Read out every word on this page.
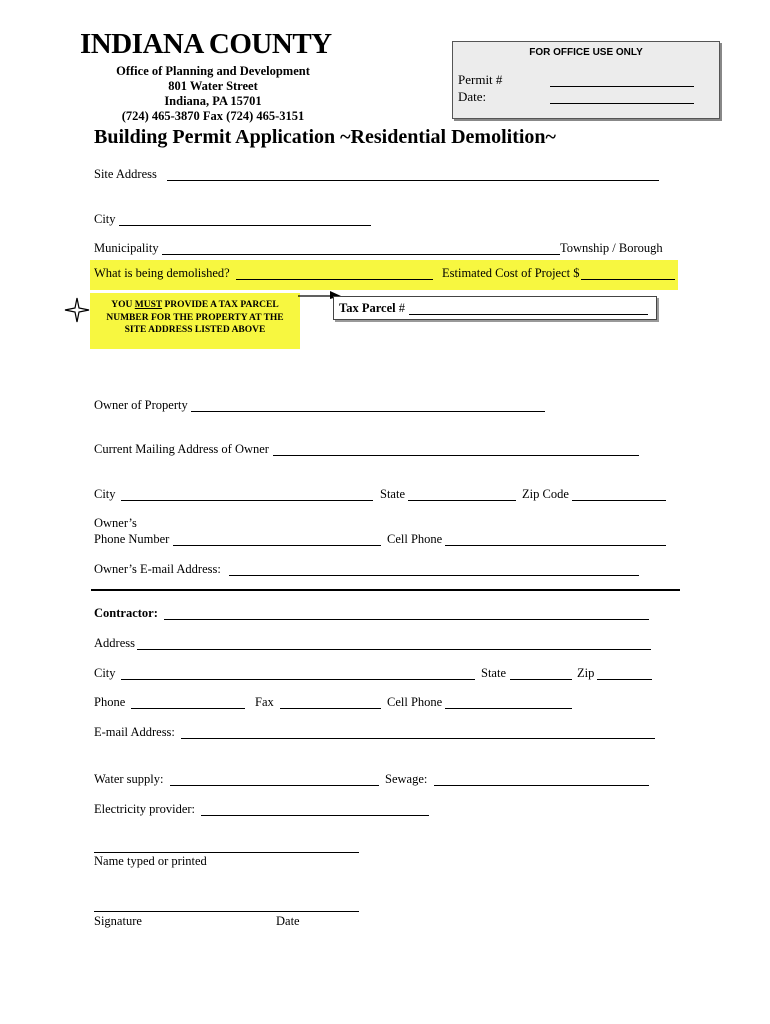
INDIANA COUNTY
Office of Planning and Development
801 Water Street
Indiana, PA 15701
(724) 465-3870 Fax (724) 465-3151
FOR OFFICE USE ONLY
Permit #
Date:
Building Permit Application ~Residential Demolition~
Site Address
City
Municipality	Township / Borough
What is being demolished?	Estimated Cost of Project $
YOU MUST PROVIDE A TAX PARCEL
NUMBER FOR THE PROPERTY AT THE
SITE ADDRESS LISTED ABOVE
Tax Parcel #
Owner of Property
Current Mailing Address of Owner
City	State	Zip Code
Owner’s
Phone Number	Cell Phone
Owner’s E-mail Address:
Contractor:
Address
City	State	Zip
Phone	Fax	Cell Phone
E-mail Address:
Water supply:	Sewage:
Electricity provider:
Name typed or printed
Signature	Date
